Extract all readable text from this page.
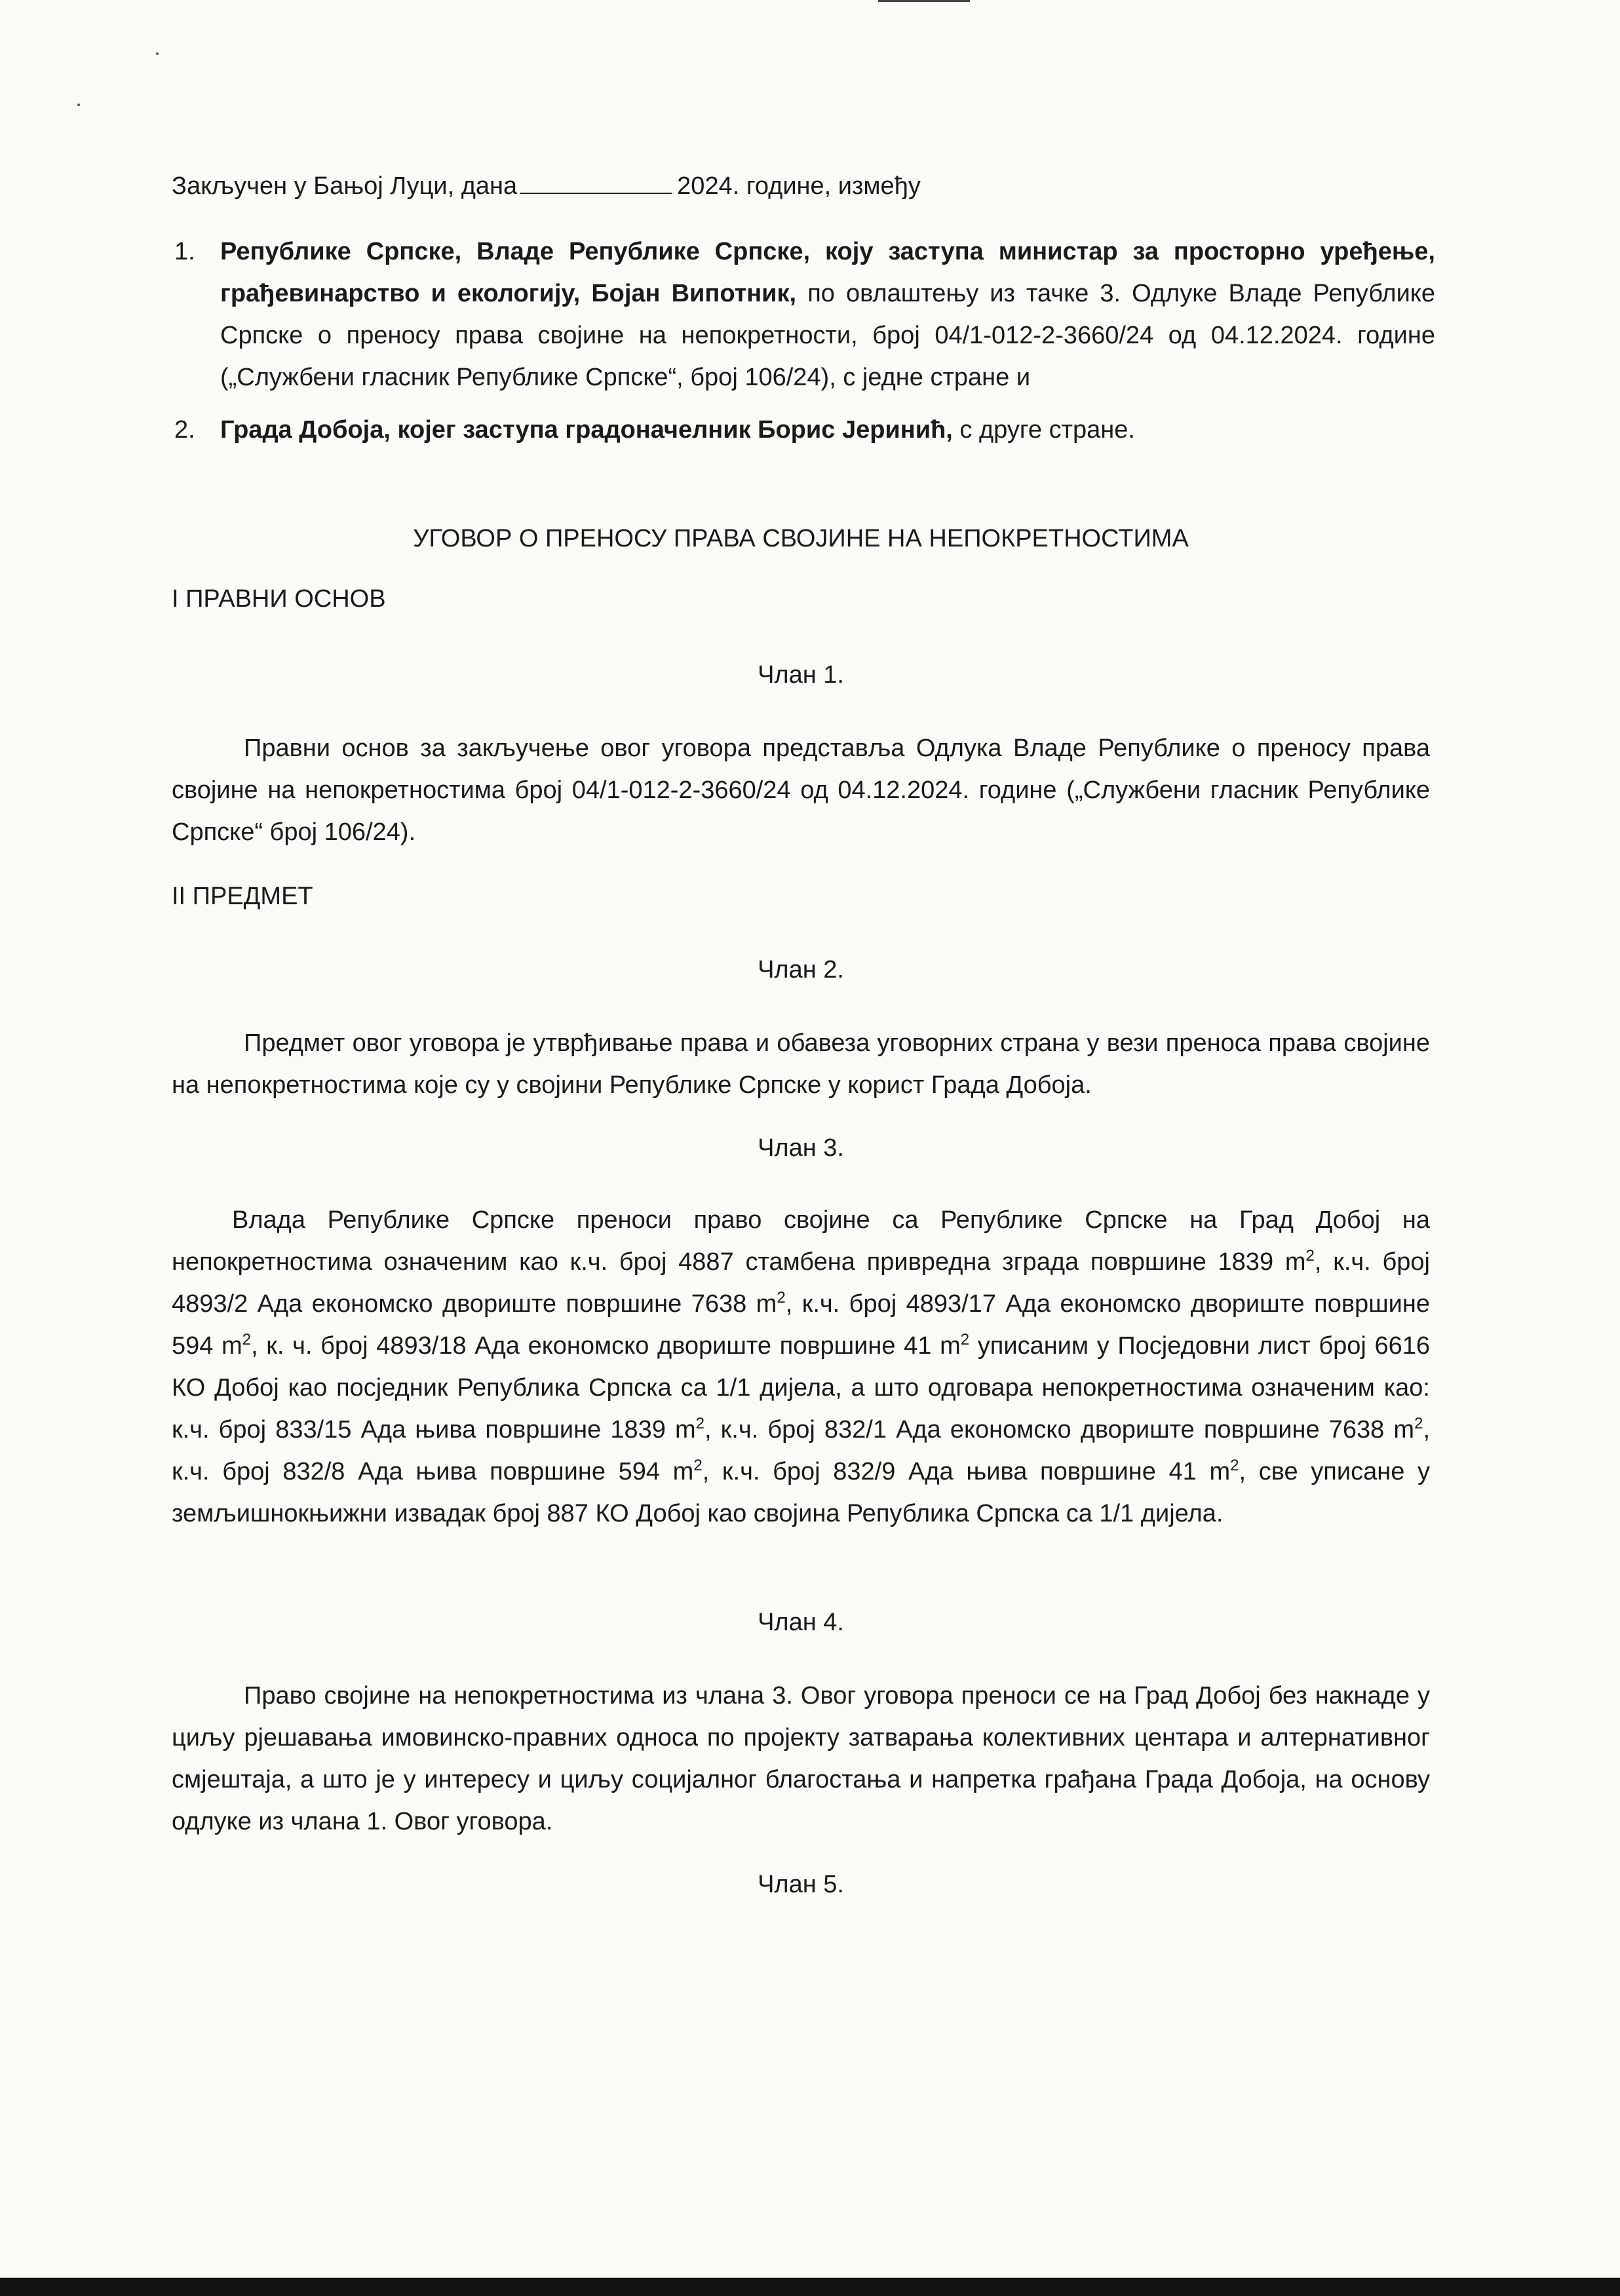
Закључен у Бањој Луци, дана	2024. године, између
1. Републике Српске, Владе Републике Српске, коју заступа министар за просторно уређење, грађевинарство и екологију, Бојан Випотник, по овлаштењу из тачке 3. Одлуке Владе Републике Српске о преносу права својине на непокретности, број 04/1-012-2-3660/24 од 04.12.2024. године („Службени гласник Републике Српске“, број 106/24), с једне стране и
2. Града Добоја, којег заступа градоначелник Борис Јеринић, с друге стране.
УГОВОР О ПРЕНОСУ ПРАВА СВОЈИНЕ НА НЕПОКРЕТНОСТИМА
I ПРАВНИ ОСНОВ
Члан 1.
Правни основ за закључење овог уговора представља Одлука Владе Републике о преносу права својине на непокретностима број 04/1-012-2-3660/24 од 04.12.2024. године („Службени гласник Републике Српске“ број 106/24).
II ПРЕДМЕТ
Члан 2.
Предмет овог уговора је утврђивање права и обавеза уговорних страна у вези преноса права својине на непокретностима које су у својини Републике Српске у корист Града Добоја.
Члан 3.
Влада Републике Српске преноси право својине са Републике Српске на Град Добој на непокретностима означеним као к.ч. број 4887 стамбена привредна зграда површине 1839 $m^2$, к.ч. број 4893/2 Ада економско двориште површине 7638 $m^2$, к.ч. број 4893/17 Ада економско двориште површине 594 $m^2$, к. ч. број 4893/18 Ада економско двориште површине 41 $m^2$ уписаним у Посједовни лист број 6616 КО Добој као посједник Република Српска са 1/1 дијела, а што одговара непокретностима означеним као: к.ч. број 833/15 Ада њива површине 1839 $m^2$, к.ч. број 832/1 Ада економско двориште површине 7638 $m^2$, к.ч. број 832/8 Ада њива површине 594 $m^2$, к.ч. број 832/9 Ада њива површине 41 $m^2$, све уписане у земљишнокњижни извадак број 887 КО Добој као својина Република Српска са 1/1 дијела.
Члан 4.
Право својине на непокретностима из члана 3. Овог уговора преноси се на Град Добој без накнаде у циљу рјешавања имовинско-правних односа по пројекту затварања колективних центара и алтернативног смјештаја, а што је у интересу и циљу социјалног благостања и напретка грађана Града Добоја, на основу одлуке из члана 1. Овог уговора.
Члан 5.
